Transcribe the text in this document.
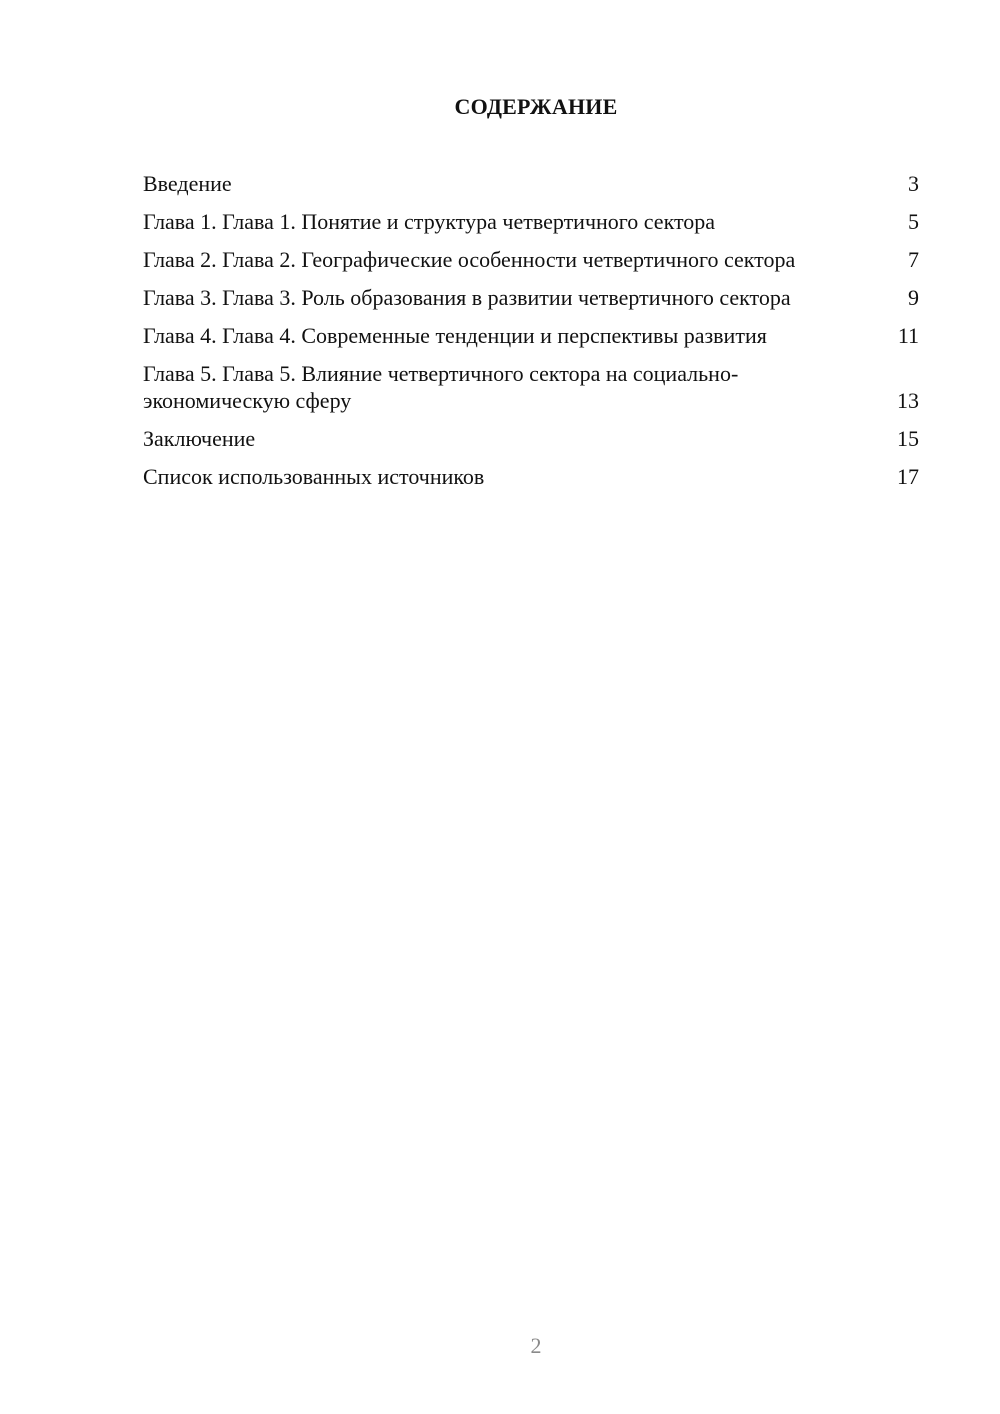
СОДЕРЖАНИЕ
Введение	3
Глава 1. Глава 1. Понятие и структура четвертичного сектора	5
Глава 2. Глава 2. Географические особенности четвертичного сектора	7
Глава 3. Глава 3. Роль образования в развитии четвертичного сектора	9
Глава 4. Глава 4. Современные тенденции и перспективы развития	11
Глава 5. Глава 5. Влияние четвертичного сектора на социально-экономическую сферу	13
Заключение	15
Список использованных источников	17
2
